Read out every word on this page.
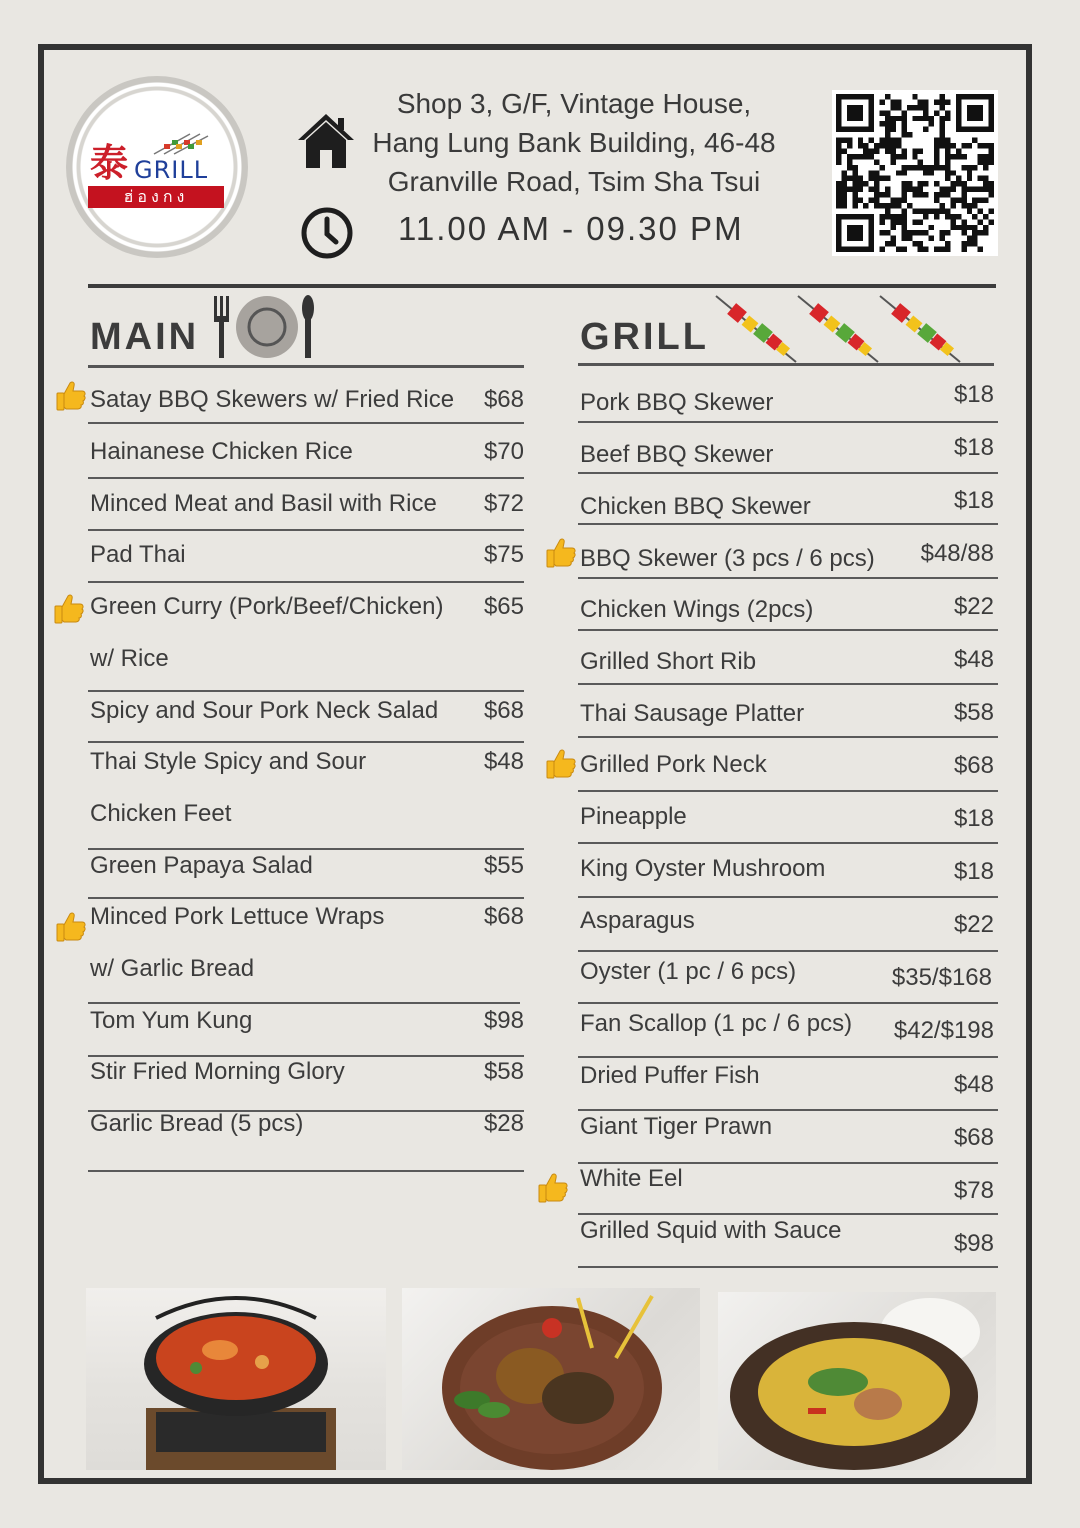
泰 GRILL
ฮ่องกง
Shop 3, G/F, Vintage House,
Hang Lung Bank Building, 46-48
Granville Road, Tsim Sha Tsui
11.00 AM - 09.30 PM
MAIN	GRILL
Satay BBQ Skewers w/ Fried Rice $68
Hainanese Chicken Rice	$70
Minced Meat and Basil with Rice $72
Pad Thai	$75
Green Curry (Pork/Beef/Chicken)
w/ Rice
$65
Spicy and Sour Pork Neck Salad $68
Thai Style Spicy and Sour
Chicken Feet
$48
Green Papaya Salad	$55
Minced Pork Lettuce Wraps
w/ Garlic Bread
$68
Tom Yum Kung	$98
Stir Fried Morning Glory	$58
Garlic Bread (5 pcs)	$28
Pork BBQ Skewer	$18
Beef BBQ Skewer	$18
Chicken BBQ Skewer	$18
BBQ Skewer (3 pcs / 6 pcs) $48/88
Chicken Wings (2pcs)	$22
Grilled Short Rib	$48
Thai Sausage Platter	$58
Grilled Pork Neck	$68
Pineapple	$18
King Oyster Mushroom	$18
Asparagus	$22
Oyster (1 pc / 6 pcs)	$35/$168
Fan Scallop (1 pc / 6 pcs) $42/$198
Dried Puffer Fish	$48
Giant Tiger Prawn	$68
White Eel	$78
Grilled Squid with Sauce	$98
